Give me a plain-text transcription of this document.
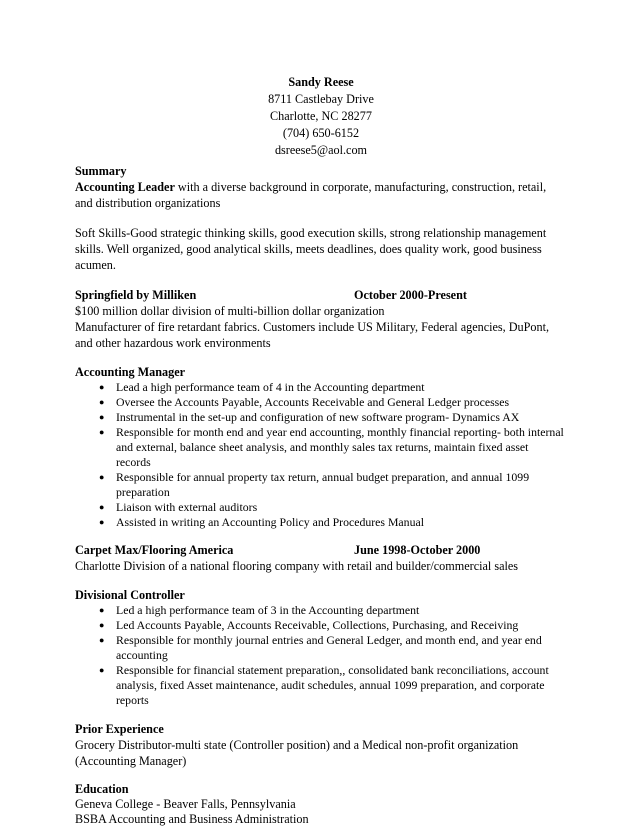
Sandy Reese
8711 Castlebay Drive
Charlotte, NC 28277
(704) 650-6152
dsreese5@aol.com
Summary
Accounting Leader with a diverse background in corporate, manufacturing, construction, retail, and distribution organizations
Soft Skills-Good strategic thinking skills, good execution skills, strong relationship management skills. Well organized, good analytical skills, meets deadlines, does quality work, good business acumen.
Springfield by Milliken	October 2000-Present
$100 million dollar division of multi-billion dollar organization
Manufacturer of fire retardant fabrics. Customers include US Military, Federal agencies, DuPont, and other hazardous work environments
Accounting Manager
● Lead a high performance team of 4 in the Accounting department
● Oversee the Accounts Payable, Accounts Receivable and General Ledger processes
● Instrumental in the set-up and configuration of new software program- Dynamics AX
● Responsible for month end and year end accounting, monthly financial reporting- both internal and external, balance sheet analysis, and monthly sales tax returns, maintain fixed asset records
● Responsible for annual property tax return, annual budget preparation, and annual 1099 preparation
● Liaison with external auditors
● Assisted in writing an Accounting Policy and Procedures Manual
Carpet Max/Flooring America	June 1998-October 2000
Charlotte Division of a national flooring company with retail and builder/commercial sales
Divisional Controller
● Led a high performance team of 3 in the Accounting department
● Led Accounts Payable, Accounts Receivable, Collections, Purchasing, and Receiving
● Responsible for monthly journal entries and General Ledger, and month end, and year end accounting
● Responsible for financial statement preparation,, consolidated bank reconciliations, account analysis, fixed Asset maintenance, audit schedules, annual 1099 preparation, and corporate reports
Prior Experience
Grocery Distributor-multi state (Controller position) and a Medical non-profit organization (Accounting Manager)
Education
Geneva College - Beaver Falls, Pennsylvania
BSBA Accounting and Business Administration
